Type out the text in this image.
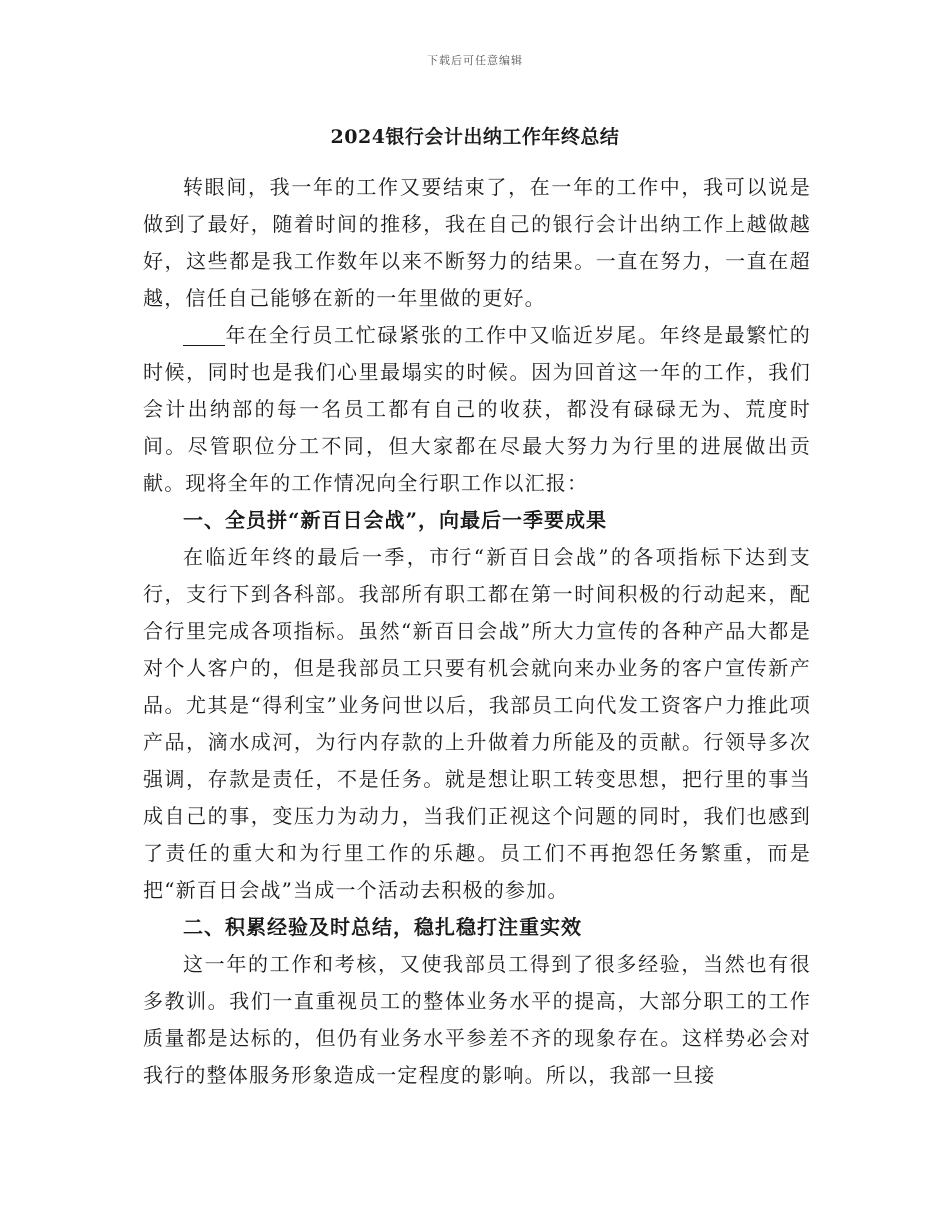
下载后可任意编辑
2024银行会计出纳工作年终总结

转眼间，我一年的工作又要结束了，在一年的工作中，我可以说是做到了最好，随着时间的推移，我在自己的银行会计出纳工作上越做越好，这些都是我工作数年以来不断努力的结果。一直在努力，一直在超越，信任自己能够在新的一年里做的更好。

年在全行员工忙碌紧张的工作中又临近岁尾。年终是最繁忙的时候，同时也是我们心里最塌实的时候。因为回首这一年的工作，我们会计出纳部的每一名员工都有自己的收获，都没有碌碌无为、荒度时间。尽管职位分工不同，但大家都在尽最大努力为行里的进展做出贡献。现将全年的工作情况向全行职工作以汇报：

一、全员拼“新百日会战”，向最后一季要成果

在临近年终的最后一季，市行“新百日会战”的各项指标下达到支行，支行下到各科部。我部所有职工都在第一时间积极的行动起来，配合行里完成各项指标。虽然“新百日会战”所大力宣传的各种产品大都是对个人客户的，但是我部员工只要有机会就向来办业务的客户宣传新产品。尤其是“得利宝”业务问世以后，我部员工向代发工资客户力推此项产品，滴水成河，为行内存款的上升做着力所能及的贡献。行领导多次强调，存款是责任，不是任务。就是想让职工转变思想，把行里的事当成自己的事，变压力为动力，当我们正视这个问题的同时，我们也感到了责任的重大和为行里工作的乐趣。员工们不再抱怨任务繁重，而是把“新百日会战”当成一个活动去积极的参加。

二、积累经验及时总结，稳扎稳打注重实效

这一年的工作和考核，又使我部员工得到了很多经验，当然也有很多教训。我们一直重视员工的整体业务水平的提高，大部分职工的工作质量都是达标的，但仍有业务水平参差不齐的现象存在。这样势必会对我行的整体服务形象造成一定程度的影响。所以，我部一旦接
